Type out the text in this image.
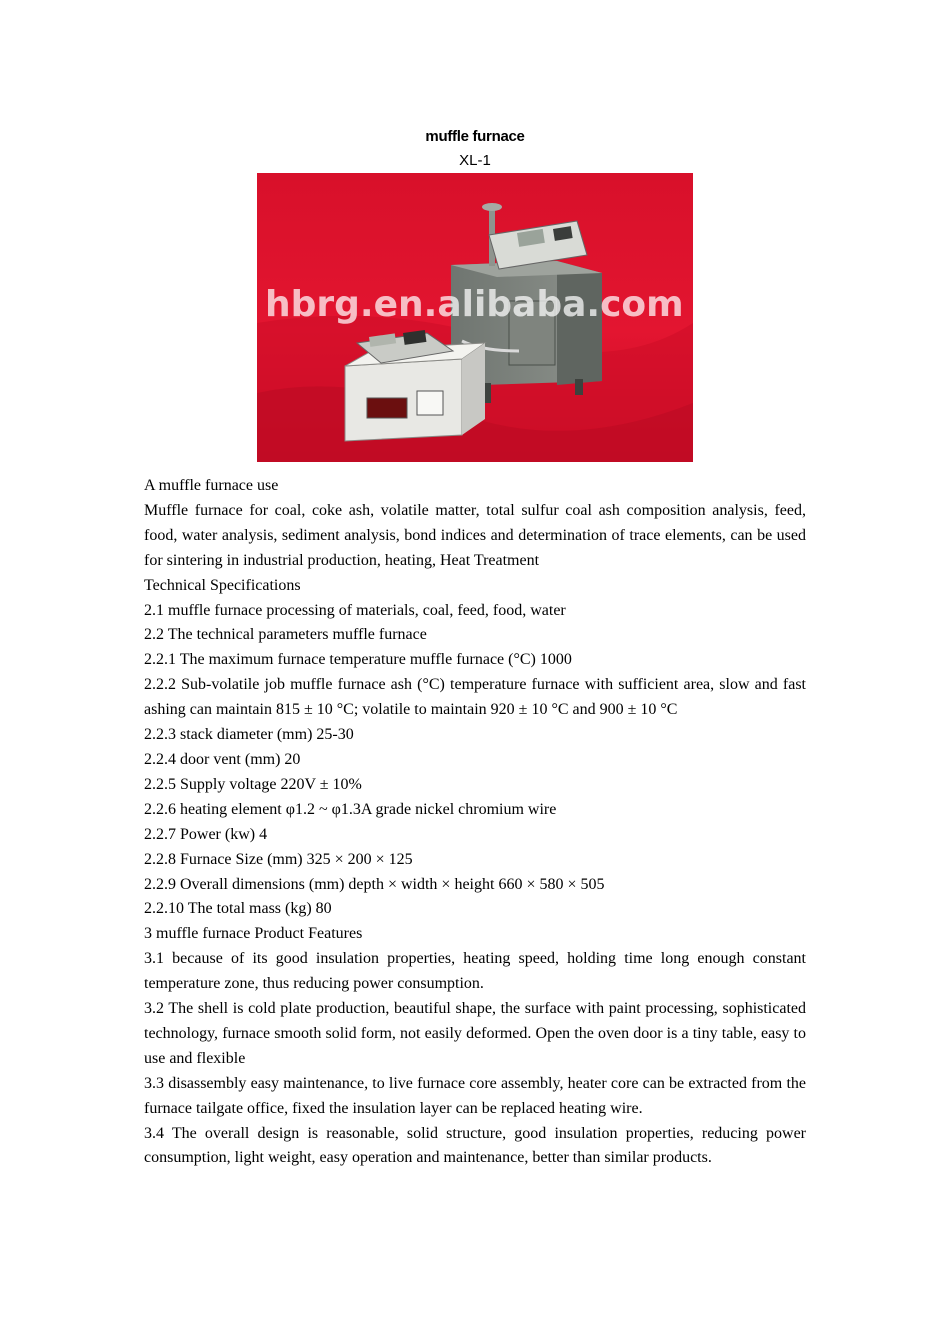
muffle furnace
XL-1
hbrg.en.alibaba.com

A muffle furnace use

Muffle furnace for coal, coke ash, volatile matter, total sulfur coal ash composition analysis, feed, food, water analysis, sediment analysis, bond indices and determination of trace elements, can be used for sintering in industrial production, heating, Heat Treatment

Technical Specifications

2.1 muffle furnace processing of materials, coal, feed, food, water

2.2 The technical parameters muffle furnace

2.2.1 The maximum furnace temperature muffle furnace (°C) 1000

2.2.2 Sub-volatile job muffle furnace ash (°C) temperature furnace with sufficient area, slow and fast ashing can maintain 815 ± 10 °C; volatile to maintain 920 ± 10 °C and 900 ± 10 °C

2.2.3 stack diameter (mm) 25-30

2.2.4 door vent (mm) 20

2.2.5 Supply voltage 220V ± 10%

2.2.6 heating element φ1.2 ~ φ1.3A grade nickel chromium wire

2.2.7 Power (kw) 4

2.2.8 Furnace Size (mm) 325 × 200 × 125

2.2.9 Overall dimensions (mm) depth × width × height 660 × 580 × 505

2.2.10 The total mass (kg) 80

3 muffle furnace Product Features

3.1 because of its good insulation properties, heating speed, holding time long enough constant temperature zone, thus reducing power consumption.

3.2 The shell is cold plate production, beautiful shape, the surface with paint processing, sophisticated technology, furnace smooth solid form, not easily deformed. Open the oven door is a tiny table, easy to use and flexible

3.3 disassembly easy maintenance, to live furnace core assembly, heater core can be extracted from the furnace tailgate office, fixed the insulation layer can be replaced heating wire.

3.4 The overall design is reasonable, solid structure, good insulation properties, reducing power consumption, light weight, easy operation and maintenance, better than similar products.
